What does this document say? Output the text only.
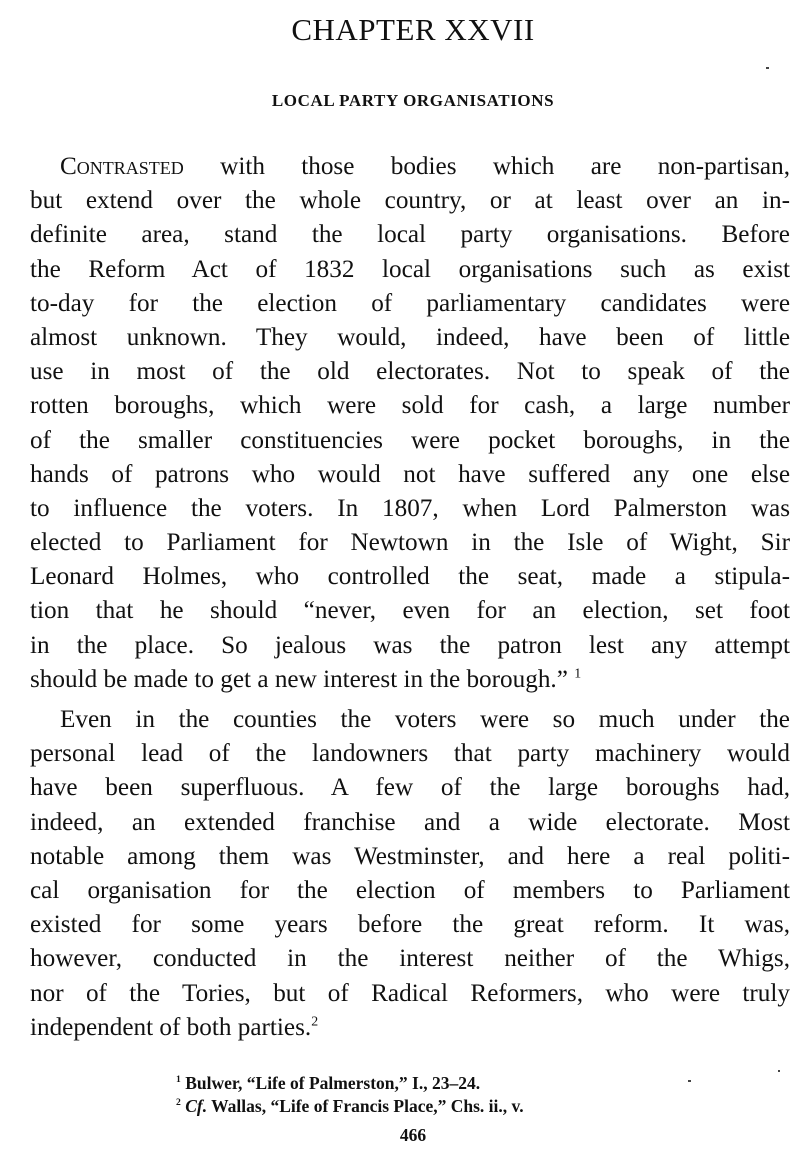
CHAPTER XXVII
LOCAL PARTY ORGANISATIONS
Contrasted with those bodies which are non-partisan,
but extend over the whole country, or at least over an in-
definite area, stand the local party organisations. Before
the Reform Act of 1832 local organisations such as exist
to-day for the election of parliamentary candidates were
almost unknown. They would, indeed, have been of little
use in most of the old electorates. Not to speak of the
rotten boroughs, which were sold for cash, a large number
of the smaller constituencies were pocket boroughs, in the
hands of patrons who would not have suffered any one else
to influence the voters. In 1807, when Lord Palmerston was
elected to Parliament for Newtown in the Isle of Wight, Sir
Leonard Holmes, who controlled the seat, made a stipula-
tion that he should “never, even for an election, set foot
in the place. So jealous was the patron lest any attempt
should be made to get a new interest in the borough.” $^1$
Even in the counties the voters were so much under the
personal lead of the landowners that party machinery would
have been superfluous. A few of the large boroughs had,
indeed, an extended franchise and a wide electorate. Most
notable among them was Westminster, and here a real politi-
cal organisation for the election of members to Parliament
existed for some years before the great reform. It was,
however, conducted in the interest neither of the Whigs,
nor of the Tories, but of Radical Reformers, who were truly
independent of both parties.$^2$
$^1$ Bulwer, “Life of Palmerston,” I., 23–24.
$^2$ Cf. Wallas, “Life of Francis Place,” Chs. ii., v.
466
